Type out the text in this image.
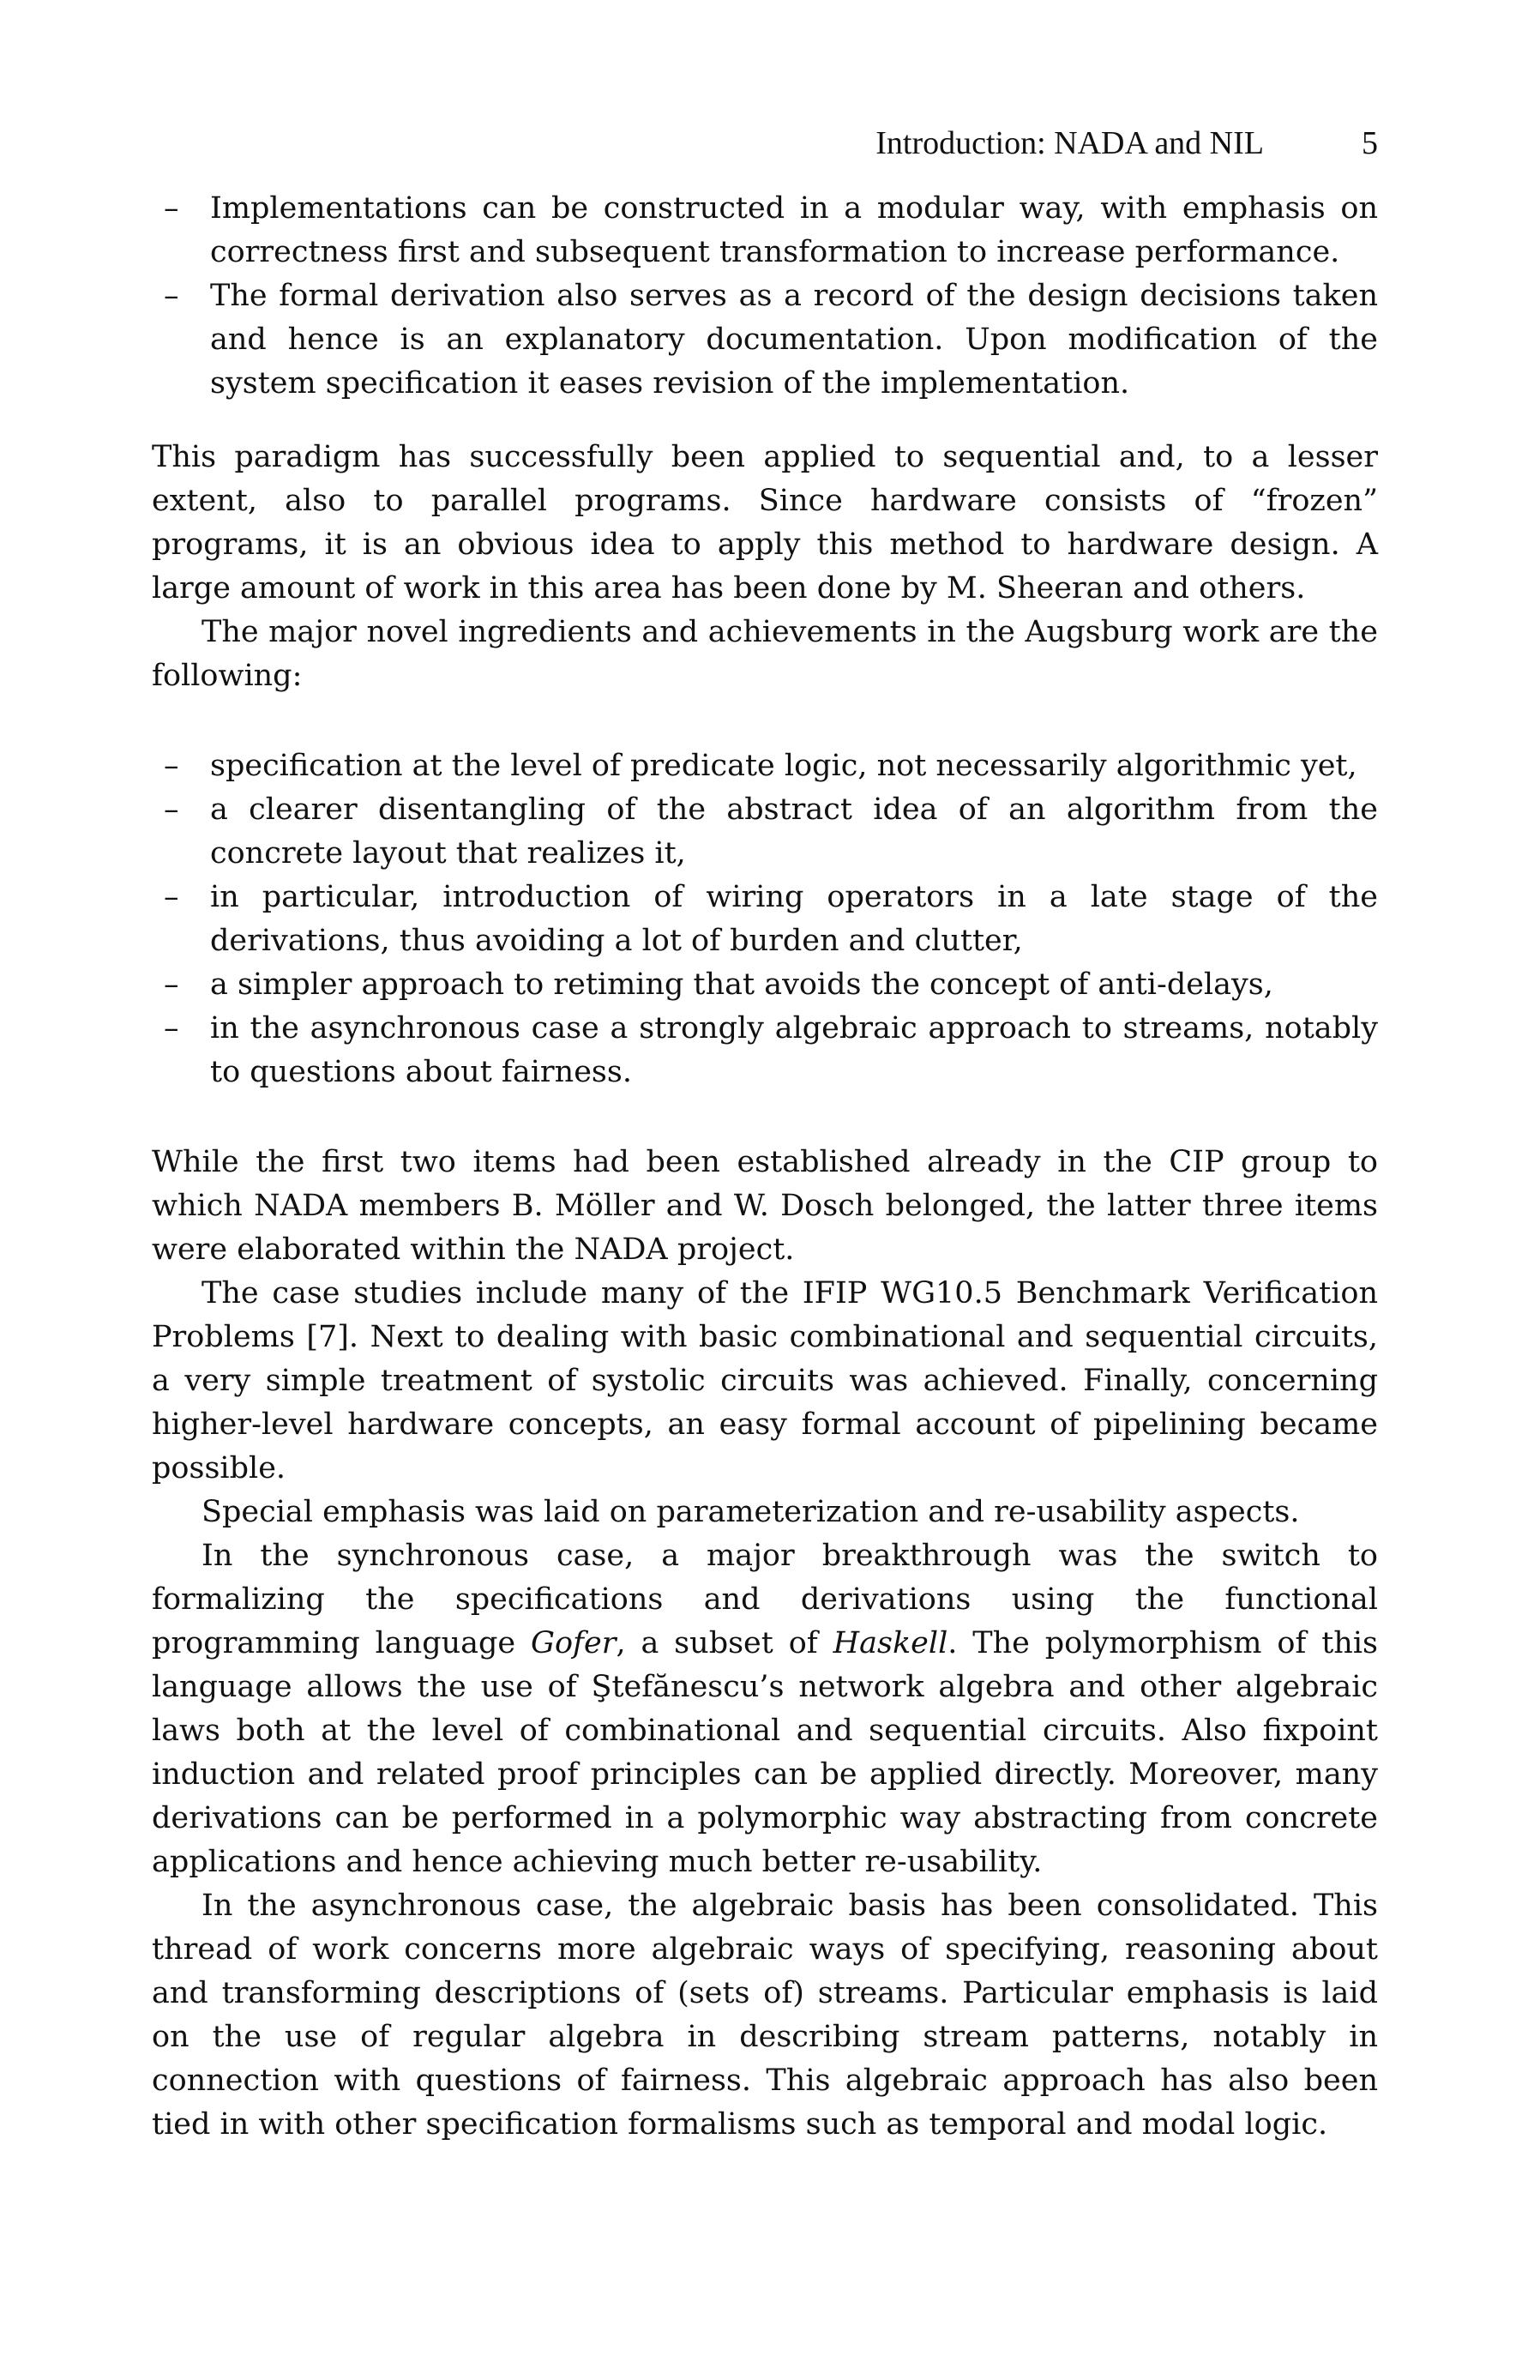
Introduction: NADA and NIL	5
– Implementations can be constructed in a modular way, with emphasis on correctness first and subsequent transformation to increase performance.
– The formal derivation also serves as a record of the design decisions taken and hence is an explanatory documentation. Upon modification of the system specification it eases revision of the implementation.

This paradigm has successfully been applied to sequential and, to a lesser extent, also to parallel programs. Since hardware consists of “frozen” programs, it is an obvious idea to apply this method to hardware design. A large amount of work in this area has been done by M. Sheeran and others.

The major novel ingredients and achievements in the Augsburg work are the following:

– specification at the level of predicate logic, not necessarily algorithmic yet,
– a clearer disentangling of the abstract idea of an algorithm from the concrete layout that realizes it,
– in particular, introduction of wiring operators in a late stage of the derivations, thus avoiding a lot of burden and clutter,
– a simpler approach to retiming that avoids the concept of anti-delays,
– in the asynchronous case a strongly algebraic approach to streams, notably to questions about fairness.

While the first two items had been established already in the CIP group to which NADA members B. Möller and W. Dosch belonged, the latter three items were elaborated within the NADA project.

The case studies include many of the IFIP WG10.5 Benchmark Verification Problems [7]. Next to dealing with basic combinational and sequential circuits, a very simple treatment of systolic circuits was achieved. Finally, concerning higher-level hardware concepts, an easy formal account of pipelining became possible.

Special emphasis was laid on parameterization and re-usability aspects.

In the synchronous case, a major breakthrough was the switch to formalizing the specifications and derivations using the functional programming language Gofer, a subset of Haskell. The polymorphism of this language allows the use of Ştefănescu’s network algebra and other algebraic laws both at the level of combinational and sequential circuits. Also fixpoint induction and related proof principles can be applied directly. Moreover, many derivations can be performed in a polymorphic way abstracting from concrete applications and hence achieving much better re-usability.

In the asynchronous case, the algebraic basis has been consolidated. This thread of work concerns more algebraic ways of specifying, reasoning about and transforming descriptions of (sets of) streams. Particular emphasis is laid on the use of regular algebra in describing stream patterns, notably in connection with questions of fairness. This algebraic approach has also been tied in with other specification formalisms such as temporal and modal logic.
